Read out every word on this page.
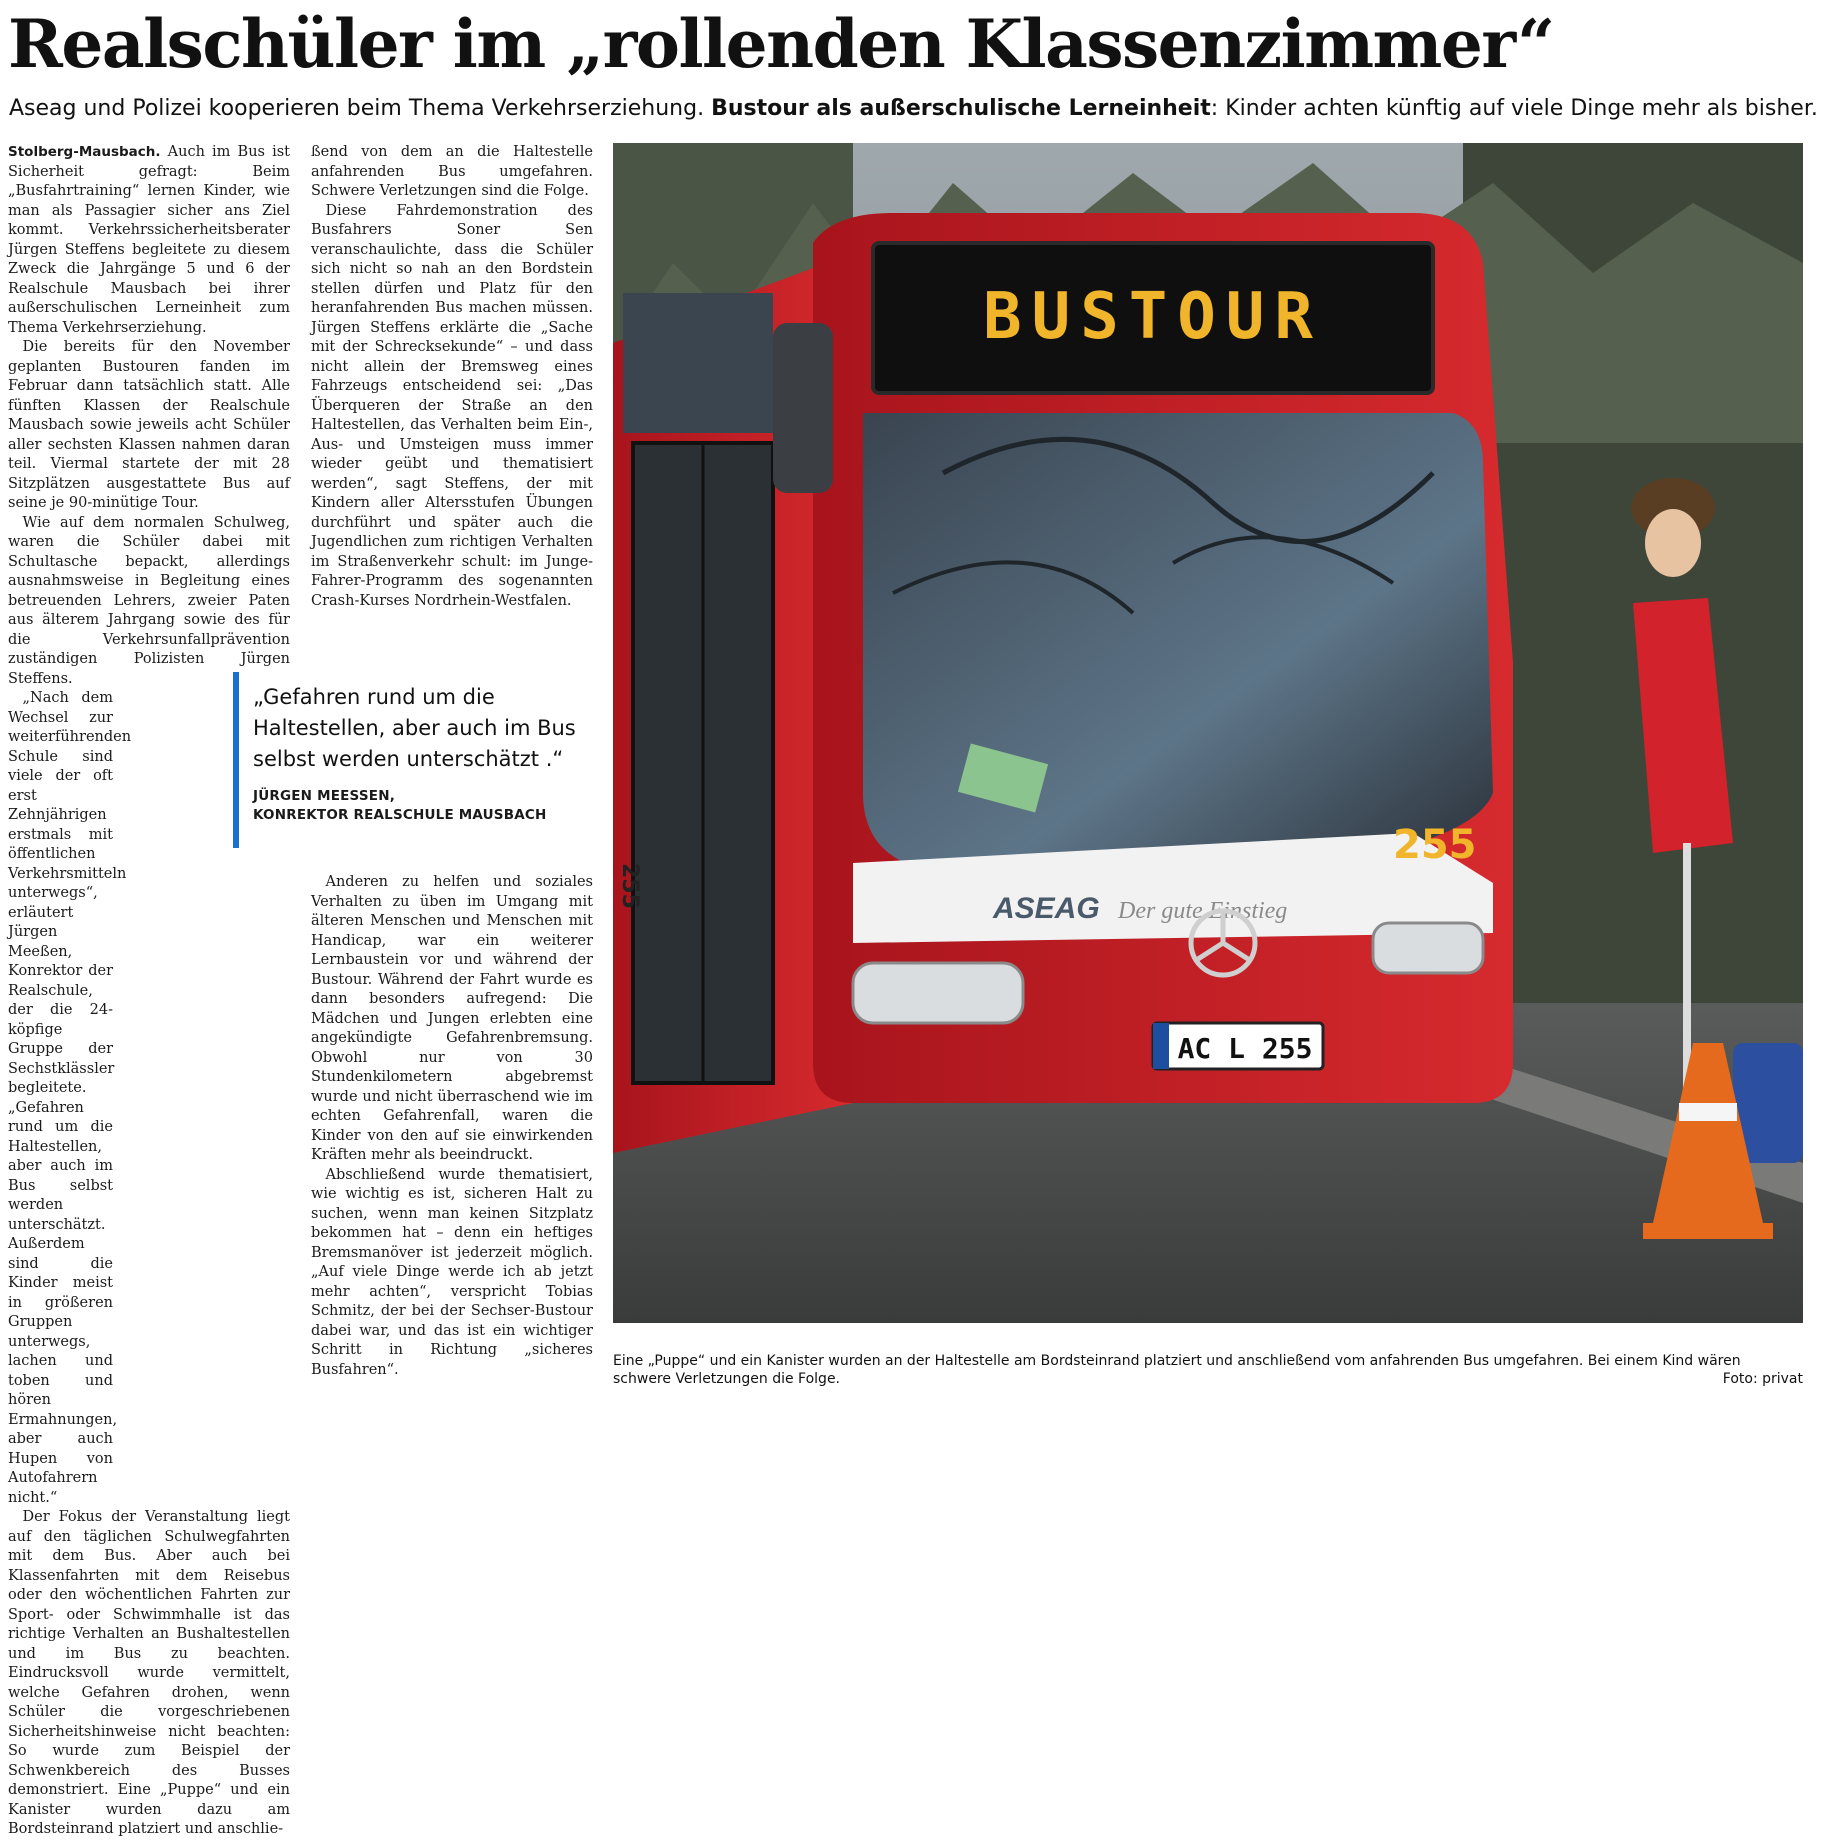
Realschüler im „rollenden Klassenzimmer“
Aseag und Polizei kooperieren beim Thema Verkehrserziehung. Bustour als außerschulische Lerneinheit: Kinder achten künftig auf viele Dinge mehr als bisher.

Stolberg-Mausbach. Auch im Bus ist Sicherheit gefragt: Beim „Busfahrtraining“ lernen Kinder, wie man als Passagier sicher ans Ziel kommt. Verkehrssicherheitsberater Jürgen Steffens begleitete zu diesem Zweck die Jahrgänge 5 und 6 der Realschule Mausbach bei ihrer außerschulischen Lerneinheit zum Thema Verkehrserziehung.

Die bereits für den November geplanten Bustouren fanden im Februar dann tatsächlich statt. Alle fünften Klassen der Realschule Mausbach sowie jeweils acht Schüler aller sechsten Klassen nahmen daran teil. Viermal startete der mit 28 Sitzplätzen ausgestattete Bus auf seine je 90-minütige Tour.

Wie auf dem normalen Schulweg, waren die Schüler dabei mit Schultasche bepackt, allerdings ausnahmsweise in Begleitung eines betreuenden Lehrers, zweier Paten aus älterem Jahrgang sowie des für die Verkehrsunfallprävention zuständigen Polizisten Jürgen Steffens.

„Nach dem Wechsel zur weiterführenden Schule sind viele der oft erst Zehnjährigen erstmals mit öffentlichen Verkehrsmitteln unterwegs“, erläutert Jürgen Meeßen, Konrektor der Realschule, der die 24-köpfige Gruppe der Sechstklässler begleitete. „Gefahren rund um die Haltestellen, aber auch im Bus selbst werden unterschätzt. Außerdem sind die Kinder meist in größeren Gruppen unterwegs, lachen und toben und hören Ermahnungen, aber auch Hupen von Autofahrern nicht.“

Der Fokus der Veranstaltung liegt auf den täglichen Schulwegfahrten mit dem Bus. Aber auch bei Klassenfahrten mit dem Reisebus oder den wöchentlichen Fahrten zur Sport- oder Schwimmhalle ist das richtige Verhalten an Bushaltestellen und im Bus zu beachten. Eindrucksvoll wurde vermittelt, welche Gefahren drohen, wenn Schüler die vorgeschriebenen Sicherheitshinweise nicht beachten: So wurde zum Beispiel der Schwenkbereich des Busses demonstriert. Eine „Puppe“ und ein Kanister wurden dazu am Bordsteinrand platziert und anschlie-

„Gefahren rund um die Haltestellen, aber auch im Bus selbst werden unterschätzt .“
JÜRGEN MEESSEN,
KONREKTOR REALSCHULE MAUSBACH

ßend von dem an die Haltestelle anfahrenden Bus umgefahren. Schwere Verletzungen sind die Folge.

Diese Fahrdemonstration des Busfahrers Soner Sen veranschaulichte, dass die Schüler sich nicht so nah an den Bordstein stellen dürfen und Platz für den heranfahrenden Bus machen müssen. Jürgen Steffens erklärte die „Sache mit der Schrecksekunde“ – und dass nicht allein der Bremsweg eines Fahrzeugs entscheidend sei: „Das Überqueren der Straße an den Haltestellen, das Verhalten beim Ein-, Aus- und Umsteigen muss immer wieder geübt und thematisiert werden“, sagt Steffens, der mit Kindern aller Altersstufen Übungen durchführt und später auch die Jugendlichen zum richtigen Verhalten im Straßenverkehr schult: im Junge-Fahrer-Programm des sogenannten Crash-Kurses Nordrhein-Westfalen.

Anderen zu helfen und soziales Verhalten zu üben im Umgang mit älteren Menschen und Menschen mit Handicap, war ein weiterer Lernbaustein vor und während der Bustour. Während der Fahrt wurde es dann besonders aufregend: Die Mädchen und Jungen erlebten eine angekündigte Gefahrenbremsung. Obwohl nur von 30 Stundenkilometern abgebremst wurde und nicht überraschend wie im echten Gefahrenfall, waren die Kinder von den auf sie einwirkenden Kräften mehr als beeindruckt.

Abschließend wurde thematisiert, wie wichtig es ist, sicheren Halt zu suchen, wenn man keinen Sitzplatz bekommen hat – denn ein heftiges Bremsmanöver ist jederzeit möglich. „Auf viele Dinge werde ich ab jetzt mehr achten“, verspricht Tobias Schmitz, der bei der Sechser-Bustour dabei war, und das ist ein wichtiger Schritt in Richtung „sicheres Busfahren“.

BUSTOUR
ASEAG Der gute Einstieg
255
AC L 255
255
Eine „Puppe“ und ein Kanister wurden an der Haltestelle am Bordsteinrand platziert und anschließend vom anfahrenden Bus umgefahren. Bei einem Kind wären schwere Verletzungen die Folge.	Foto: privat
